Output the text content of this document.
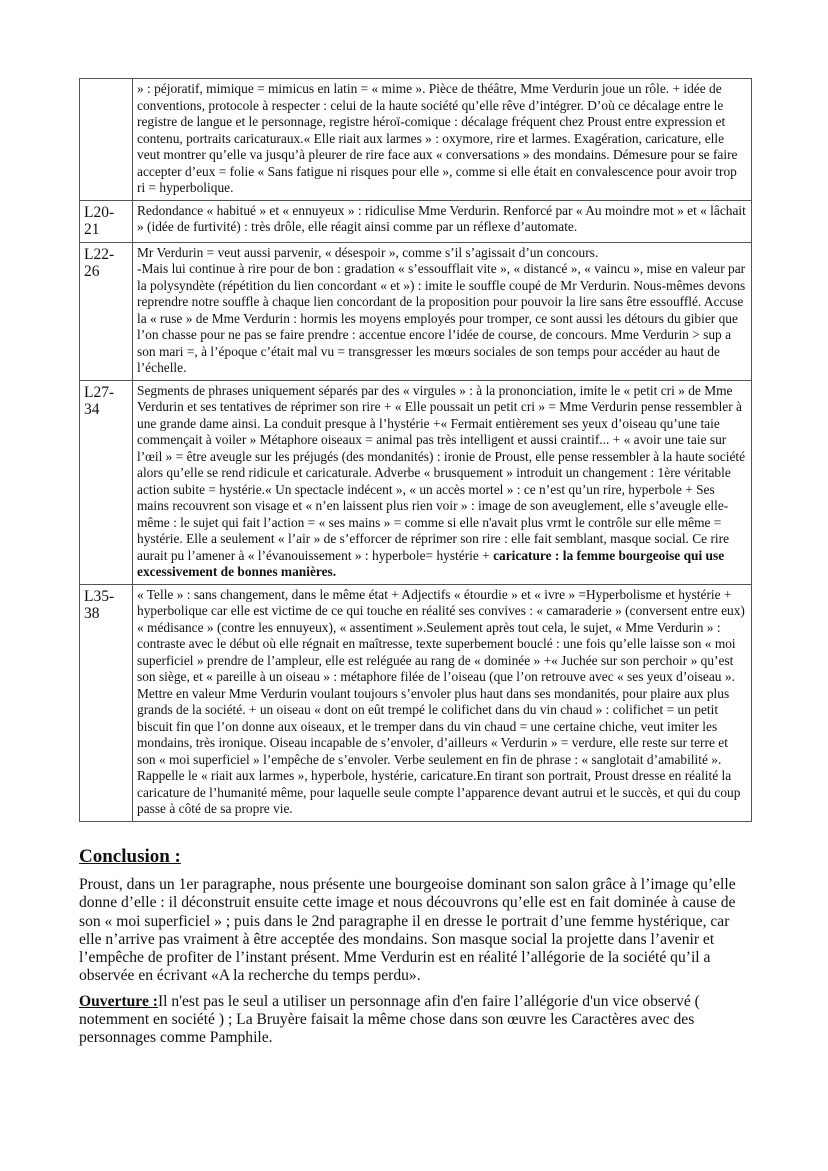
	» : péjoratif, mimique = mimicus en latin = « mime ». Pièce de théâtre, Mme Verdurin joue un rôle. + idée de conventions, protocole à respecter : celui de la haute société qu’elle rêve d’intégrer. D’où ce décalage entre le registre de langue et le personnage, registre héroï-comique : décalage fréquent chez Proust entre expression et contenu, portraits caricaturaux.« Elle riait aux larmes » : oxymore, rire et larmes. Exagération, caricature, elle veut montrer qu’elle va jusqu’à pleurer de rire face aux « conversations » des mondains. Démesure pour se faire accepter d’eux = folie « Sans fatigue ni risques pour elle », comme si elle était en convalescence pour avoir trop ri = hyperbolique.
L20-21	Redondance « habitué » et « ennuyeux » : ridiculise Mme Verdurin. Renforcé par « Au moindre mot » et « lâchait » (idée de furtivité) : très drôle, elle réagit ainsi comme par un réflexe d’automate.
L22-26	Mr Verdurin = veut aussi parvenir, « désespoir », comme s’il s’agissait d’un concours.
-Mais lui continue à rire pour de bon : gradation « s’essoufflait vite », « distancé », « vaincu », mise en valeur par la polysyndète (répétition du lien concordant « et ») : imite le souffle coupé de Mr Verdurin. Nous-mêmes devons reprendre notre souffle à chaque lien concordant de la proposition pour pouvoir la lire sans être essoufflé. Accuse la « ruse » de Mme Verdurin : hormis les moyens employés pour tromper, ce sont aussi les détours du gibier que l’on chasse pour ne pas se faire prendre : accentue encore l’idée de course, de concours. Mme Verdurin > sup a son mari =, à l’époque c’était mal vu = transgresser les mœurs sociales de son temps pour accéder au haut de l’échelle.
L27-34	Segments de phrases uniquement séparés par des « virgules » : à la prononciation, imite le « petit cri » de Mme Verdurin et ses tentatives de réprimer son rire + « Elle poussait un petit cri » = Mme Verdurin pense ressembler à une grande dame ainsi. La conduit presque à l’hystérie +« Fermait entièrement ses yeux d’oiseau qu’une taie commençait à voiler » Métaphore oiseaux = animal pas très intelligent et aussi craintif... + « avoir une taie sur l’œil » = être aveugle sur les préjugés (des mondanités) : ironie de Proust, elle pense ressembler à la haute société alors qu’elle se rend ridicule et caricaturale. Adverbe « brusquement » introduit un changement : 1ère véritable action subite = hystérie.« Un spectacle indécent », « un accès mortel » : ce n’est qu’un rire, hyperbole + Ses mains recouvrent son visage et « n’en laissent plus rien voir » : image de son aveuglement, elle s’aveugle elle-même : le sujet qui fait l’action = « ses mains » = comme si elle n'avait plus vrmt le contrôle sur elle même = hystérie. Elle a seulement « l’air » de s’efforcer de réprimer son rire : elle fait semblant, masque social. Ce rire aurait pu l’amener à « l’évanouissement » : hyperbole= hystérie + caricature : la femme bourgeoise qui use excessivement de bonnes manières.
L35-38	« Telle » : sans changement, dans le même état + Adjectifs « étourdie » et « ivre » =Hyperbolisme et hystérie + hyperbolique car elle est victime de ce qui touche en réalité ses convives : « camaraderie » (conversent entre eux) « médisance » (contre les ennuyeux), « assentiment ».Seulement après tout cela, le sujet, « Mme Verdurin » : contraste avec le début où elle régnait en maîtresse, texte superbement bouclé : une fois qu’elle laisse son « moi superficiel » prendre de l’ampleur, elle est reléguée au rang de « dominée » +« Juchée sur son perchoir » qu’est son siège, et « pareille à un oiseau » : métaphore filée de l’oiseau (que l’on retrouve avec « ses yeux d’oiseau ». Mettre en valeur Mme Verdurin voulant toujours s’envoler plus haut dans ses mondanités, pour plaire aux plus grands de la société. + un oiseau « dont on eût trempé le colifichet dans du vin chaud » : colifichet = un petit biscuit fin que l’on donne aux oiseaux, et le tremper dans du vin chaud = une certaine chiche, veut imiter les mondains, très ironique. Oiseau incapable de s’envoler, d’ailleurs « Verdurin » = verdure, elle reste sur terre et son « moi superficiel » l’empêche de s’envoler. Verbe seulement en fin de phrase : « sanglotait d’amabilité ». Rappelle le « riait aux larmes », hyperbole, hystérie, caricature.En tirant son portrait, Proust dresse en réalité la caricature de l’humanité même, pour laquelle seule compte l’apparence devant autrui et le succès, et qui du coup passe à côté de sa propre vie.
Conclusion :

Proust, dans un 1er paragraphe, nous présente une bourgeoise dominant son salon grâce à l’image qu’elle donne d’elle : il déconstruit ensuite cette image et nous découvrons qu’elle est en fait dominée à cause de son « moi superficiel » ; puis dans le 2nd paragraphe il en dresse le portrait d’une femme hystérique, car elle n’arrive pas vraiment à être acceptée des mondains. Son masque social la projette dans l’avenir et l’empêche de profiter de l’instant présent. Mme Verdurin est en réalité l’allégorie de la société qu’il a observée en écrivant «A la recherche du temps perdu».

Ouverture :Il n'est pas le seul a utiliser un personnage afin d'en faire l’allégorie d'un vice observé ( notemment en société ) ; La Bruyère faisait la même chose dans son œuvre les Caractères avec des personnages comme Pamphile.
